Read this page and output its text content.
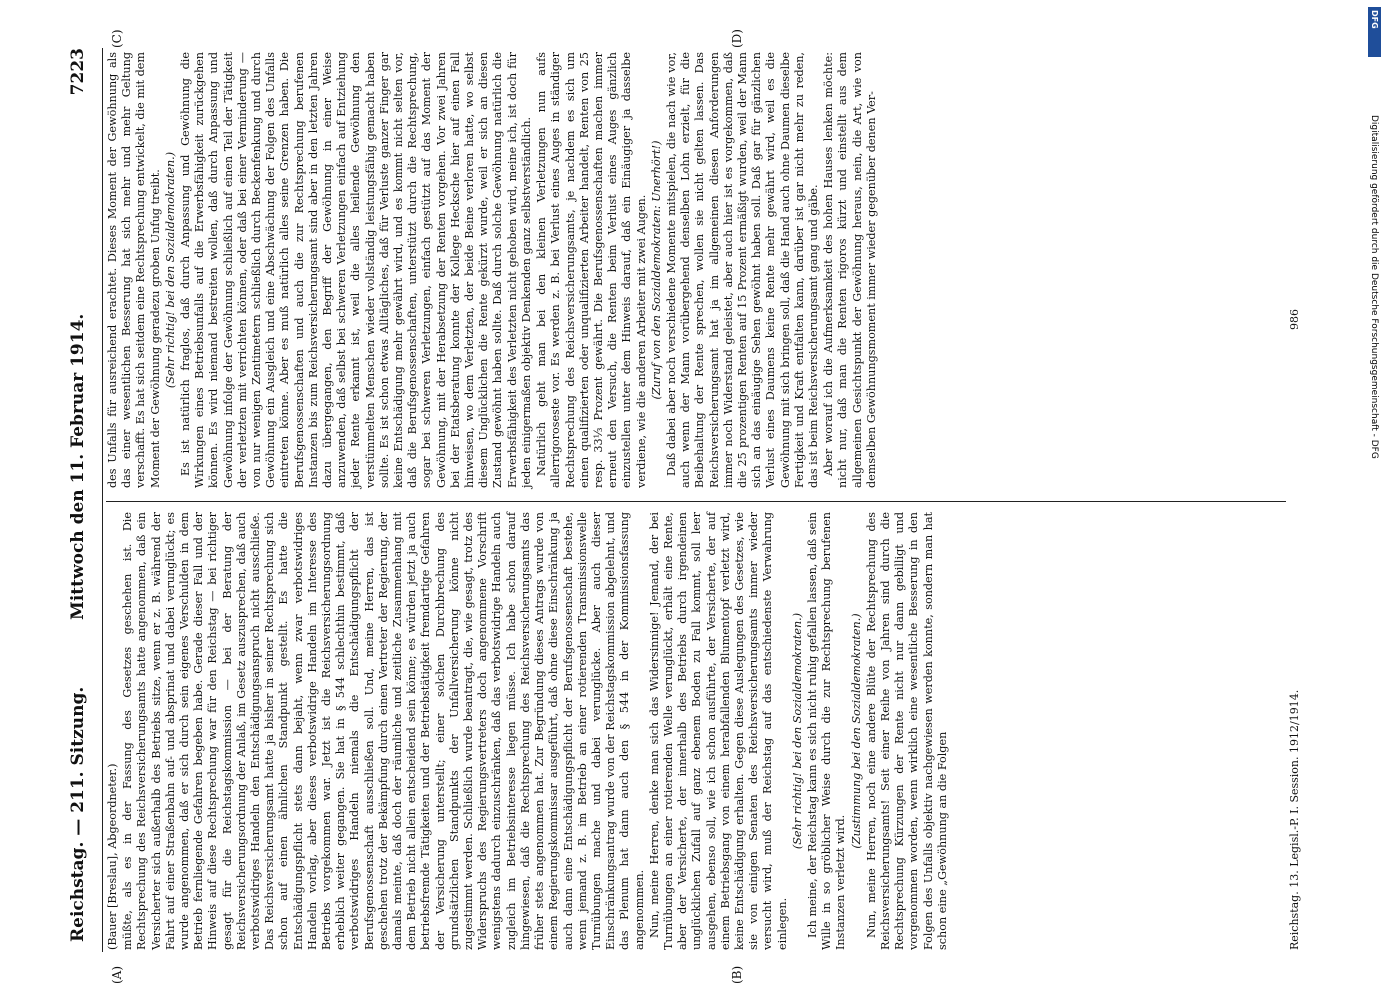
Reichstag. — 211. Sitzung.
Mittwoch den 11. Februar 1914.
7223

(Bauer [Breslau], Abgeordneter.) müßte, als es in der Fassung des Gesetzes geschehen ist. Die Rechtsprechung des Reichsversicherungsamts hatte angenommen, daß ein Versicherter sich außerhalb des Betriebs sitze, wenn er z. B. während der Fahrt auf einer Straßenbahn auf- und absprinat und dabei verunglückt; es wurde angenommen, daß er sich durch sein eigenes Verschulden in dem Betrieb fernliegende Gefahren begeben habe. Gerade dieser Fall und der Hinweis auf diese Rechtsprechung war für den Reichstag — bei richtiger gesagt für die Reichstagskommission — bei der Beratung der Reichsversicherungsordnung der Anlaß, im Gesetz auszusprechen, daß auch verbotswidriges Handeln den Entschädigungsanspruch nicht ausschließe. Das Reichsversicherungsamt hatte ja bisher in seiner Rechtsprechung sich schon auf einen ähnlichen Standpunkt gestellt. Es hatte die Entschädigungspflicht stets dann bejaht, wenn zwar verbotswidriges Handeln vorlag, aber dieses verbotswidrige Handeln im Interesse des Betriebs vorgekommen war. Jetzt ist die Reichsversicherungsordnung erheblich weiter gegangen. Sie hat in § 544 schlechthin bestimmt, daß verbotswidriges Handeln niemals die Entschädigungspflicht der Berufsgenossenschaft ausschließen soll. Und, meine Herren, das ist geschehen trotz der Bekämpfung durch einen Vertreter der Regierung, der damals meinte, daß doch der räumliche und zeitliche Zusammenhang mit dem Betrieb nicht allein entscheidend sein könne; es würden jetzt ja auch betriebsfremde Tätigkeiten und der Betriebstätigkeit fremdartige Gefahren der Versicherung unterstellt; einer solchen Durchbrechung des grundsätzlichen Standpunkts der Unfallversicherung könne nicht zugestimmt werden. Schließlich wurde beantragt, die, wie gesagt, trotz des Widerspruchs des Regierungsvertreters doch angenommene Vorschrift wenigstens dadurch einzuschränken, daß das verbotswidrige Handeln auch zugleich im Betriebsinteresse liegen müsse. Ich habe schon darauf hingewiesen, daß die Rechtsprechung des Reichsversicherungsamts das früher stets angenommen hat. Zur Begründung dieses Antrags wurde von einem Regierungskommissar ausgeführt, daß ohne diese Einschränkung ja auch dann eine Entschädigungspflicht der Berufsgenossenschaft bestehe, wenn jemand z. B. im Betrieb an einer rotierenden Transmissionswelle Turnübungen mache und dabei verunglücke. Aber auch dieser Einschränkungsantrag wurde von der Reichstagskommission abgelehnt, und das Plenum hat dann auch den § 544 in der Kommissionsfassung angenommen. Nun, meine Herren, denke man sich das Widersinnige! Jemand, der bei Turnübungen an einer rotierenden Welle verunglückt, erhält eine Rente, aber der Versicherte, der innerhalb des Betriebs durch irgendeinen unglücklichen Zufall auf ganz ebenem Boden zu Fall kommt, soll leer ausgehen, ebenso soll, wie ich schon ausführte, der Versicherte, der auf einem Betriebsgang von einem herabfallenden Blumentopf verletzt wird, keine Entschädigung erhalten. Gegen diese Auslegungen des Gesetzes, wie sie von einigen Senaten des Reichsversicherungsamts immer wieder versucht wird, muß der Reichstag auf das entschiedenste Verwahrung einlegen.

(Sehr richtig! bei den Sozialdemokraten.) Ich meine, der Reichstag kann es sich nicht ruhig gefallen lassen, daß sein Wille in so gröblicher Weise durch die zur Rechtsprechung berufenen Instanzen verletzt wird.

(Zustimmung bei den Sozialdemokraten.) Nun, meine Herren, noch eine andere Blüte der Rechtsprechung des Reichsversicherungsamts! Seit einer Reihe von Jahren sind durch die Rechtsprechung Kürzungen der Rente nicht nur dann gebilligt und vorgenommen worden, wenn wirklich eine wesentliche Besserung in den Folgen des Unfalls objektiv nachgewiesen werden konnte, sondern man hat schon eine „Gewöhnung an die Folgen

des Unfalls für ausreichend erachtet. Dieses Moment der Gewöhnung als das einer wesentlichen Besserung hat sich mehr und mehr Geltung verschafft. Es hat sich seitdem eine Rechtsprechung entwickelt, die mit dem Moment der Gewöhnung geradezu groben Unfug treibt. (Sehr richtig! bei den Sozialdemokraten.) Es ist natürlich fraglos, daß durch Anpassung und Gewöhnung die Wirkungen eines Betriebsunfalls auf die Erwerbsfähigkeit zurückgehen können. Es wird niemand bestreiten wollen, daß durch Anpassung und Gewöhnung infolge der Gewöhnung schließlich auf einen Teil der Tätigkeit der verletzten mit verrichten können, oder daß bei einer Verminderung — von nur wenigen Zentimetern schließlich durch Beckenfenkung und durch Gewöhnung ein Ausgleich und eine Abschwächung der Folgen des Unfalls eintreten könne. Aber es muß natürlich alles seine Grenzen haben. Die Berufsgenossenschaften und auch die zur Rechtsprechung berufenen Instanzen bis zum Reichsversicherungsamt sind aber in den letzten Jahren dazu übergegangen, den Begriff der Gewöhnung in einer Weise anzuwenden, daß selbst bei schweren Verletzungen einfach auf Entziehung jeder Rente erkannt ist, weil die alles heilende Gewöhnung den verstümmelten Menschen wieder vollständig leistungsfähig gemacht haben sollte. Es ist schon etwas Alltägliches, daß für Verluste ganzer Finger gar keine Entschädigung mehr gewährt wird, und es kommt nicht selten vor, daß die Berufsgenossenschaften, unterstützt durch die Rechtsprechung, sogar bei schweren Verletzungen, einfach gestützt auf das Moment der Gewöhnung, mit der Herabsetzung der Renten vorgehen. Vor zwei Jahren bei der Etatsberatung konnte der Kollege Hecksche hier auf einen Fall hinweisen, wo dem Verletzten, der beide Beine verloren hatte, wo selbst diesem Unglücklichen die Rente gekürzt wurde, weil er sich an diesen Zustand gewöhnt haben sollte. Daß durch solche Gewöhnung natürlich die Erwerbsfähigkeit des Verletzten nicht gehoben wird, meine ich, ist doch für jeden einigermaßen objektiv Denkenden ganz selbstverständlich. Natürlich geht man bei den kleinen Verletzungen nun aufs allerrigoroseste vor. Es werden z. B. bei Verlust eines Auges in ständiger Rechtsprechung des Reichsversicherungsamts, je nachdem es sich um einen qualifizierten oder unqualifizierten Arbeiter handelt, Renten von 25 resp. 33⅓ Prozent gewährt. Die Berufsgenossenschaften machen immer erneut den Versuch, die Renten beim Verlust eines Auges gänzlich einzustellen unter dem Hinweis darauf, daß ein Einäugiger ja dasselbe verdiene, wie die anderen Arbeiter mit zwei Augen. (Zuruf von den Sozialdemokraten: Unerhört!) Daß dabei aber noch verschiedene Momente mitspielen, die nach wie vor, auch wenn der Mann vorübergehend denselben Lohn erzielt, für die Beibehaltung der Rente sprechen, wollen sie nicht gelten lassen. Das Reichsversicherungsamt hat ja im allgemeinen diesen Anforderungen immer noch Widerstand geleistet, aber auch hier ist es vorgekommen, daß die 25 prozentigen Renten auf 15 Prozent ermäßigt wurden, weil der Mann sich an das einäugige Sehen gewöhnt haben soll. Daß gar für gänzlichen Verlust eines Daumens keine Rente mehr gewährt wird, weil es die Gewöhnung mit sich bringen soll, daß die Hand auch ohne Daumen dieselbe Fertigkeit und Kraft entfalten kann, darüber ist gar nicht mehr zu reden, das ist beim Reichsversicherungsamt gang und gäbe. Aber worauf ich die Aufmerksamkeit des hohen Hauses lenken möchte: nicht nur, daß man die Renten rigoros kürzt und einstellt aus dem allgemeinen Gesichtspunkt der Gewöhnung heraus, nein, die Art, wie von demselben Gewöhnungsmoment immer wieder gegenüber denen Ver-

(A)	(B)
(C)	(D)
Reichstag. 13. Legisl.-P. I. Session. 1912/1914.
986
DFG
Digitalisierung gefördert durch die Deutsche Forschungsgemeinschaft - DFG
